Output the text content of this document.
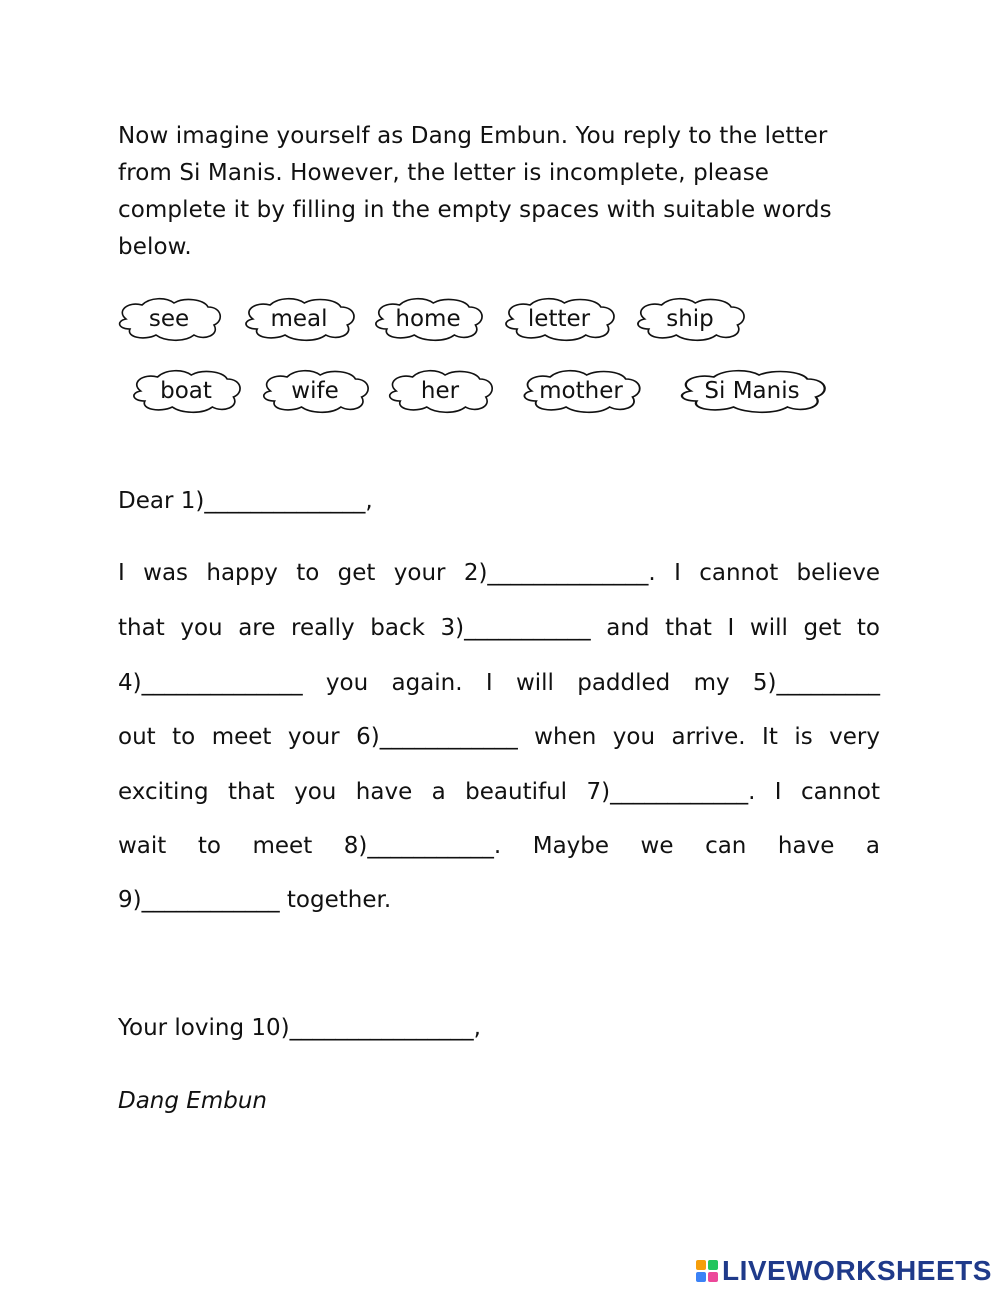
Now imagine yourself as Dang Embun. You reply to the letter from Si Manis. However, the letter is incomplete, please complete it by filling in the empty spaces with suitable words below.
see	meal	home	letter	ship
boat	wife	her	mother	Si Manis
Dear 1)______________,
I was happy to get your 2)______________. I cannot believe
that you are really back 3)___________ and that I will get to
4)______________ you again. I will paddled my 5)_________
out to meet your 6)____________ when you arrive. It is very
exciting that you have a beautiful 7)____________. I cannot
wait to meet 8)___________. Maybe we can have a
9)____________ together.
Your loving 10)________________,
Dang Embun
LIVEWORKSHEETS
